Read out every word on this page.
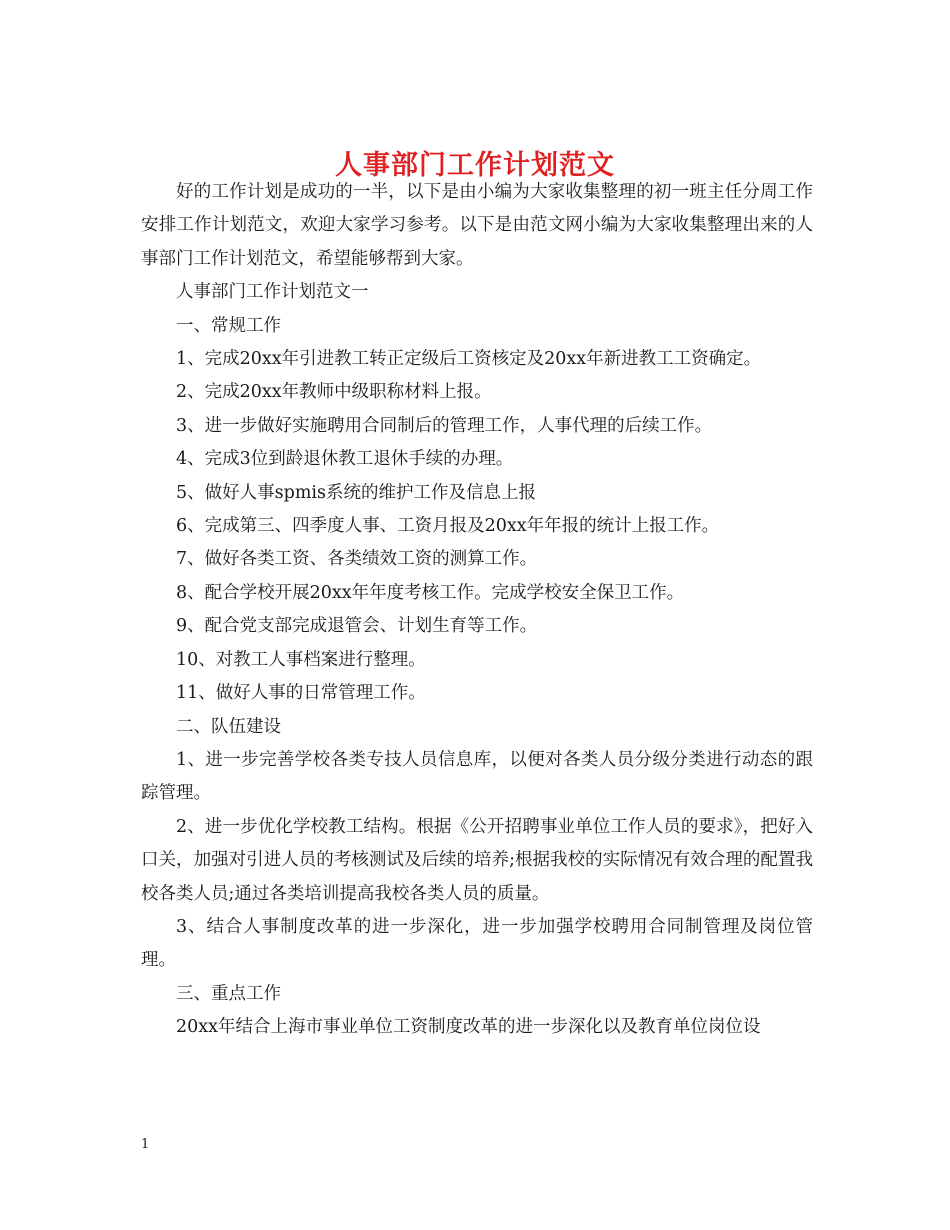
人事部门工作计划范文

好的工作计划是成功的一半，以下是由小编为大家收集整理的初一班主任分周工作安排工作计划范文，欢迎大家学习参考。以下是由范文网小编为大家收集整理出来的人事部门工作计划范文，希望能够帮到大家。

人事部门工作计划范文一

一、常规工作

1、完成20xx年引进教工转正定级后工资核定及20xx年新进教工工资确定。

2、完成20xx年教师中级职称材料上报。

3、进一步做好实施聘用合同制后的管理工作，人事代理的后续工作。

4、完成3位到龄退休教工退休手续的办理。

5、做好人事spmis系统的维护工作及信息上报

6、完成第三、四季度人事、工资月报及20xx年年报的统计上报工作。

7、做好各类工资、各类绩效工资的测算工作。

8、配合学校开展20xx年年度考核工作。完成学校安全保卫工作。

9、配合党支部完成退管会、计划生育等工作。

10、对教工人事档案进行整理。

11、做好人事的日常管理工作。

二、队伍建设

1、进一步完善学校各类专技人员信息库，以便对各类人员分级分类进行动态的跟踪管理。

2、进一步优化学校教工结构。根据《公开招聘事业单位工作人员的要求》，把好入口关，加强对引进人员的考核测试及后续的培养;根据我校的实际情况有效合理的配置我校各类人员;通过各类培训提高我校各类人员的质量。

3、结合人事制度改革的进一步深化，进一步加强学校聘用合同制管理及岗位管理。

三、重点工作

20xx年结合上海市事业单位工资制度改革的进一步深化以及教育单位岗位设

1
